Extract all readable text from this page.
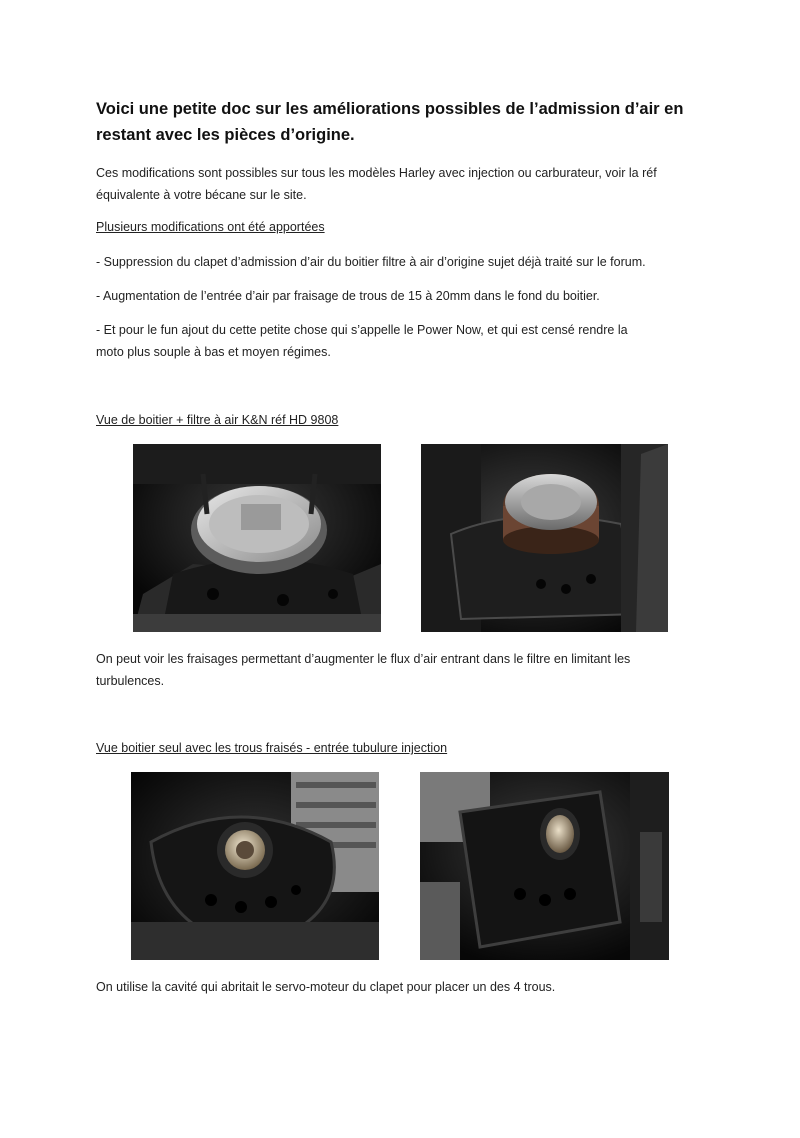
Voici une petite doc sur les améliorations possibles de l’admission d’air en
restant avec les pièces d’origine.
Ces modifications sont possibles sur tous les modèles Harley avec injection ou carburateur, voir la réf
équivalente à votre bécane sur le site.
Plusieurs modifications ont été apportées
- Suppression du clapet d’admission d’air du boitier filtre à air d’origine sujet déjà traité sur le forum.
- Augmentation de l’entrée d’air par fraisage de trous de 15 à 20mm dans le fond du boitier.
- Et pour le fun ajout du cette petite chose qui s’appelle le Power Now, et qui est censé rendre la
moto plus souple à bas et moyen régimes.
Vue de boitier + filtre à air K&N réf HD 9808
On peut voir les fraisages permettant d’augmenter le flux d’air entrant dans le filtre en limitant les
turbulences.
Vue boitier seul avec les trous fraisés - entrée tubulure injection
On utilise la cavité qui abritait le servo-moteur du clapet pour placer un des 4 trous.
